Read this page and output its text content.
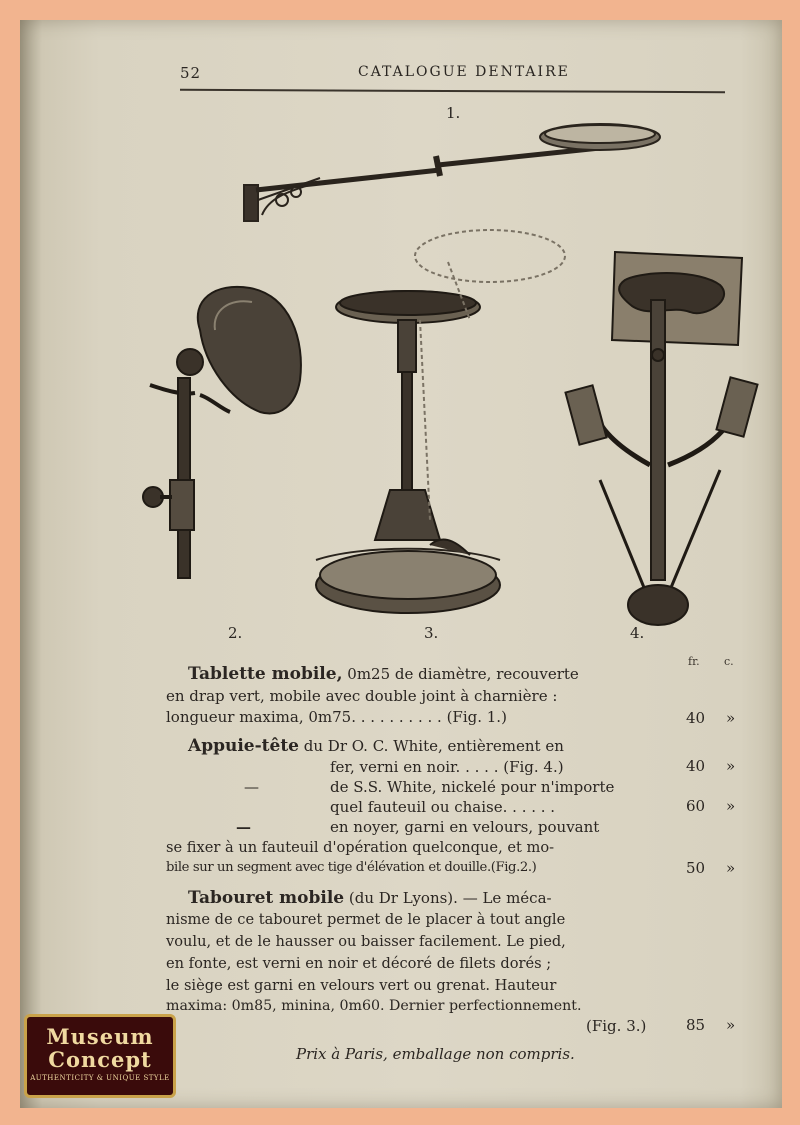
52	CATALOGUE DENTAIRE
1.
2.	3.	4.
fr. c.
Tablette mobile, 0m25 de diamètre, recouverte
en drap vert, mobile avec double joint à charnière :
longueur maxima, 0m75. . . . . . . . . . (Fig. 1.)	40 »
Appuie-tête du Dr O. C. White, entièrement en
fer, verni en noir. . . . . (Fig. 4.)	40 »
—	de S.S. White, nickelé pour n'importe
quel fauteuil ou chaise. . . . . .	60 »
—	en noyer, garni en velours, pouvant
se fixer à un fauteuil d'opération quelconque, et mo-
bile sur un segment avec tige d'élévation et douille.(Fig.2.)	50 »
Tabouret mobile (du Dr Lyons). — Le méca-
nisme de ce tabouret permet de le placer à tout angle
voulu, et de le hausser ou baisser facilement. Le pied,
en fonte, est verni en noir et décoré de filets dorés ;
le siège est garni en velours vert ou grenat. Hauteur
maxima: 0m85, minina, 0m60. Dernier perfectionnement.
(Fig. 3.)	85 »
Prix à Paris, emballage non compris.
Museum
Concept
AUTHENTICITY & UNIQUE STYLE
